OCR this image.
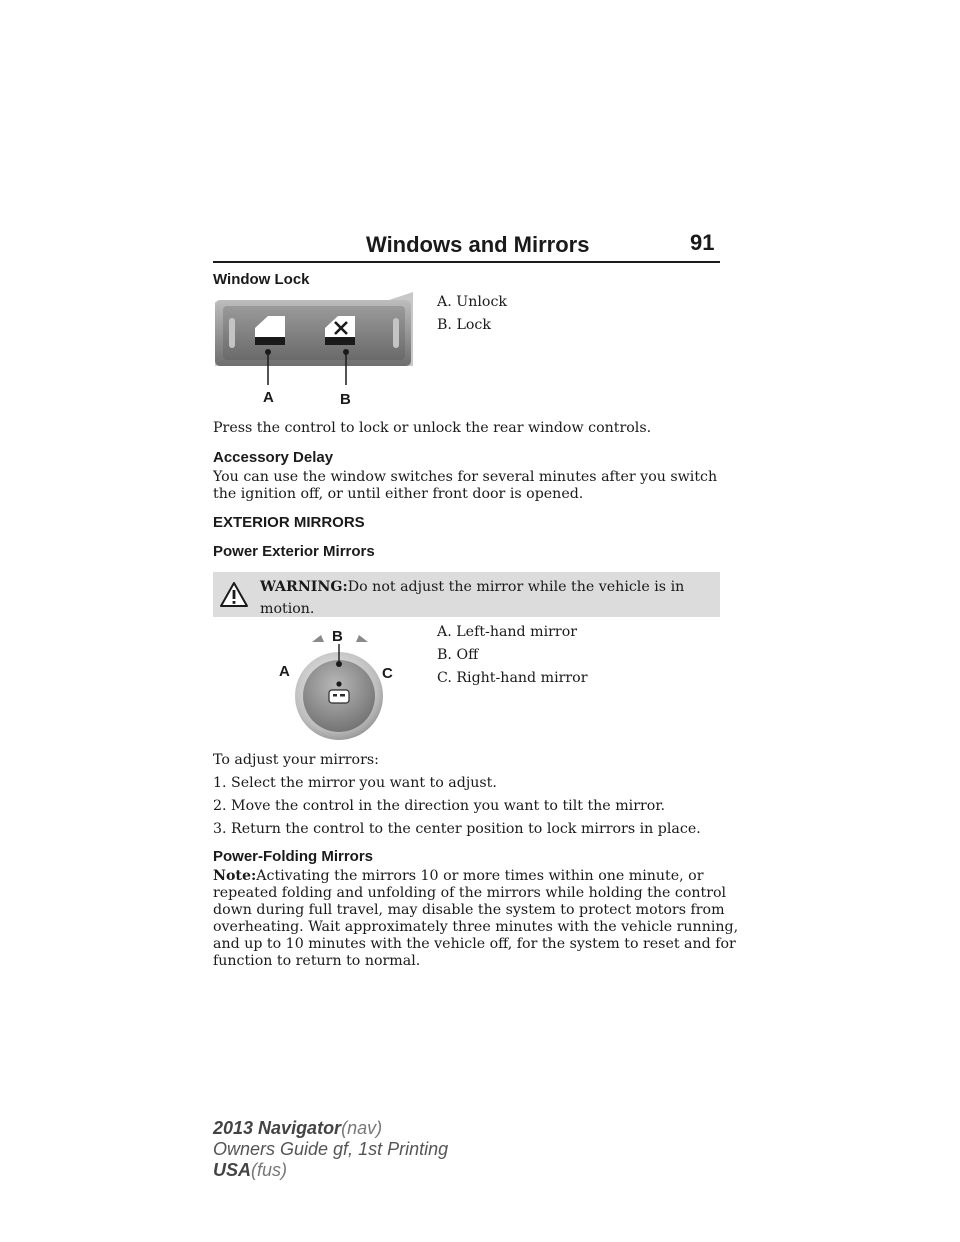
Windows and Mirrors	91
Window Lock
A	B
A. Unlock
B. Lock
Press the control to lock or unlock the rear window controls.
Accessory Delay
You can use the window switches for several minutes after you switch
the ignition off, or until either front door is opened.
EXTERIOR MIRRORS
Power Exterior Mirrors
WARNING:Do not adjust the mirror while the vehicle is in
motion.
B
A	C
A. Left-hand mirror
B. Off
C. Right-hand mirror
To adjust your mirrors:
1. Select the mirror you want to adjust.
2. Move the control in the direction you want to tilt the mirror.
3. Return the control to the center position to lock mirrors in place.
Power-Folding Mirrors
Note:Activating the mirrors 10 or more times within one minute, or
repeated folding and unfolding of the mirrors while holding the control
down during full travel, may disable the system to protect motors from
overheating. Wait approximately three minutes with the vehicle running,
and up to 10 minutes with the vehicle off, for the system to reset and for
function to return to normal.
2013 Navigator(nav)
Owners Guide gf, 1st Printing
USA(fus)
